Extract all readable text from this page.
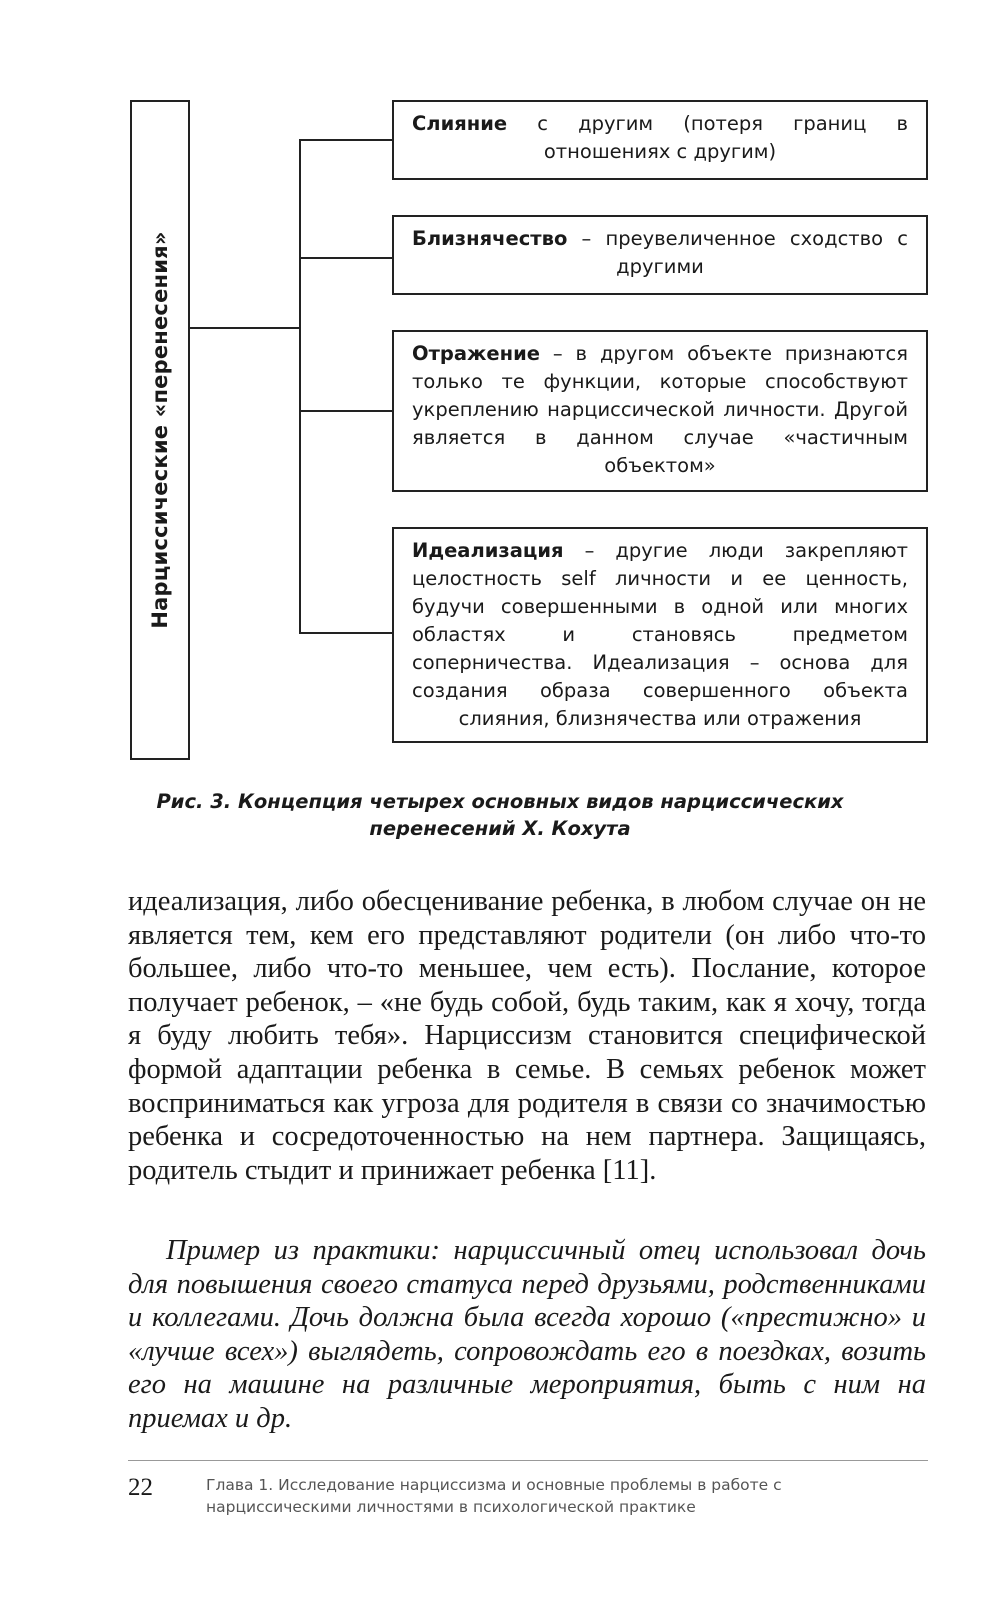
Нарциссические «перенесения»
Слияние с другим (потеря границ в отношениях с другим)
Близнячество – преувеличенное сходство с другими
Отражение – в другом объекте признаются только те функции, которые способствуют укреплению нарциссической личности. Другой является в данном случае «частичным объектом»
Идеализация – другие люди закрепляют целостность self личности и ее ценность, будучи совершенными в одной или многих областях и становясь предметом соперничества. Идеализация – основа для создания образа совершенного объекта слияния, близнячества или отражения
Рис. 3. Концепция четырех основных видов нарциссических перенесений Х. Кохута

идеализация, либо обесценивание ребенка, в любом случае он не является тем, кем его представляют родители (он либо что-то большее, либо что-то меньшее, чем есть). Послание, которое получает ребенок, – «не будь собой, будь таким, как я хочу, тогда я буду любить тебя». Нарциссизм становится специфической формой адаптации ребенка в семье. В семьях ребенок может восприниматься как угроза для родителя в связи со значимостью ребенка и сосредоточенностью на нем партнера. Защищаясь, родитель стыдит и принижает ребенка [11].

Пример из практики: нарциссичный отец использовал дочь для повышения своего статуса перед друзьями, родственниками и коллегами. Дочь должна была всегда хорошо («престижно» и «лучше всех») выглядеть, сопровождать его в поездках, возить его на машине на различные мероприятия, быть с ним на приемах и др.

22	Глава 1. Исследование нарциссизма и основные проблемы в работе с нарциссическими личностями в психологической практике
